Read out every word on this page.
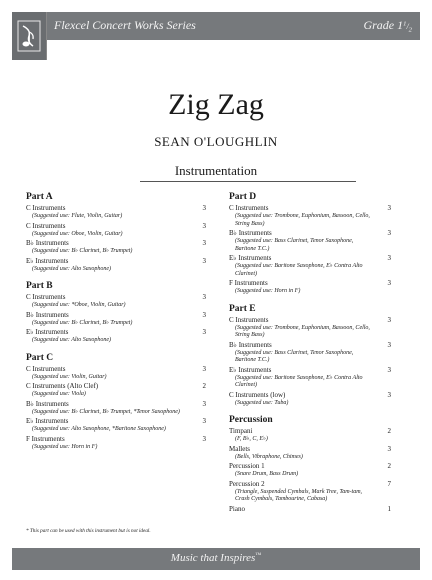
Flexcel Concert Works Series	Grade $1^1/_2$
Zig Zag
SEAN O'LOUGHLIN
Instrumentation
Part A
C Instruments	3
(Suggested use: Flute, Violin, Guitar)
C Instruments	3
(Suggested use: Oboe, Violin, Guitar)
B♭ Instruments	3
(Suggested use: B♭ Clarinet, B♭ Trumpet)
E♭ Instruments	3
(Suggested use: Alto Saxophone)
Part B
C Instruments	3
(Suggested use: *Oboe, Violin, Guitar)
B♭ Instruments	3
(Suggested use: B♭ Clarinet, B♭ Trumpet)
E♭ Instruments	3
(Suggested use: Alto Saxophone)
Part C
C Instruments	3
(Suggested use: Violin, Guitar)
C Instruments (Alto Clef)	2
(Suggested use: Viola)
B♭ Instruments	3
(Suggested use: B♭ Clarinet, B♭ Trumpet, *Tenor Saxophone)
E♭ Instruments	3
(Suggested use: Alto Saxophone, *Baritone Saxophone)
F Instruments	3
(Suggested use: Horn in F)
Part D
C Instruments	3
(Suggested use: Trombone, Euphonium, Bassoon, Cello, String Bass)
B♭ Instruments	3
(Suggested use: Bass Clarinet, Tenor Saxophone, Baritone T.C.)
E♭ Instruments	3
(Suggested use: Baritone Saxophone, E♭ Contra Alto Clarinet)
F Instruments	3
(Suggested use: Horn in F)
Part E
C Instruments	3
(Suggested use: Trombone, Euphonium, Bassoon, Cello, String Bass)
B♭ Instruments	3
(Suggested use: Bass Clarinet, Tenor Saxophone, Baritone T.C.)
E♭ Instruments	3
(Suggested use: Baritone Saxophone, E♭ Contra Alto Clarinet)
C Instruments (low)	3
(Suggested use: Tuba)
Percussion
Timpani	2
(F, B♭, C, E♭)
Mallets	3
(Bells, Vibraphone, Chimes)
Percussion 1	2
(Snare Drum, Bass Drum)
Percussion 2	7
(Triangle, Suspended Cymbals, Mark Tree, Tam-tam, Crash Cymbals, Tambourine, Cabasa)
Piano	1
* This part can be used with this instrument but is not ideal.
Music that Inspires™
